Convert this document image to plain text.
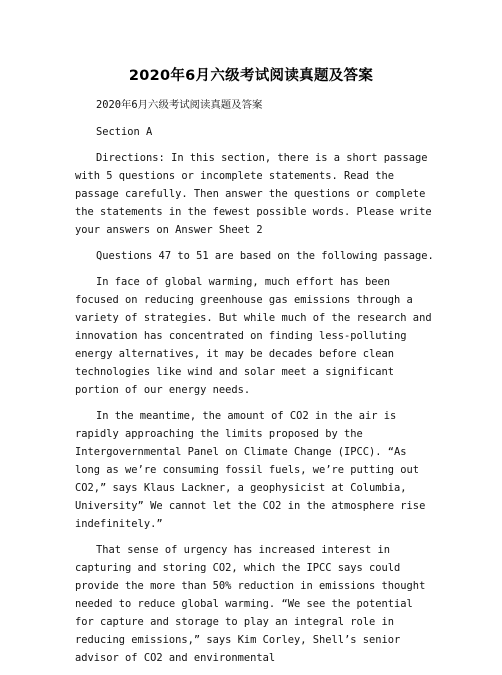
2020年6月六级考试阅读真题及答案

2020年6月六级考试阅读真题及答案

Section A

Directions: In this section, there is a short passage with 5 questions or incomplete statements. Read the passage carefully. Then answer the questions or complete the statements in the fewest possible words. Please write your answers on Answer Sheet 2

Questions 47 to 51 are based on the following passage.

In face of global warming, much effort has been focused on reducing greenhouse gas emissions through a variety of strategies. But while much of the research and innovation has concentrated on finding less-polluting energy alternatives, it may be decades before clean technologies like wind and solar meet a significant portion of our energy needs.

In the meantime, the amount of CO2 in the air is rapidly approaching the limits proposed by the Intergovernmental Panel on Climate Change (IPCC). “As long as we’re consuming fossil fuels, we’re putting out CO2,” says Klaus Lackner, a geophysicist at Columbia, University” We cannot let the CO2 in the atmosphere rise indefinitely.”

That sense of urgency has increased interest in capturing and storing CO2, which the IPCC says could provide the more than 50% reduction in emissions thought needed to reduce global warming. “We see the potential for capture and storage to play an integral role in reducing emissions,” says Kim Corley, Shell’s senior advisor of CO2 and environmental
